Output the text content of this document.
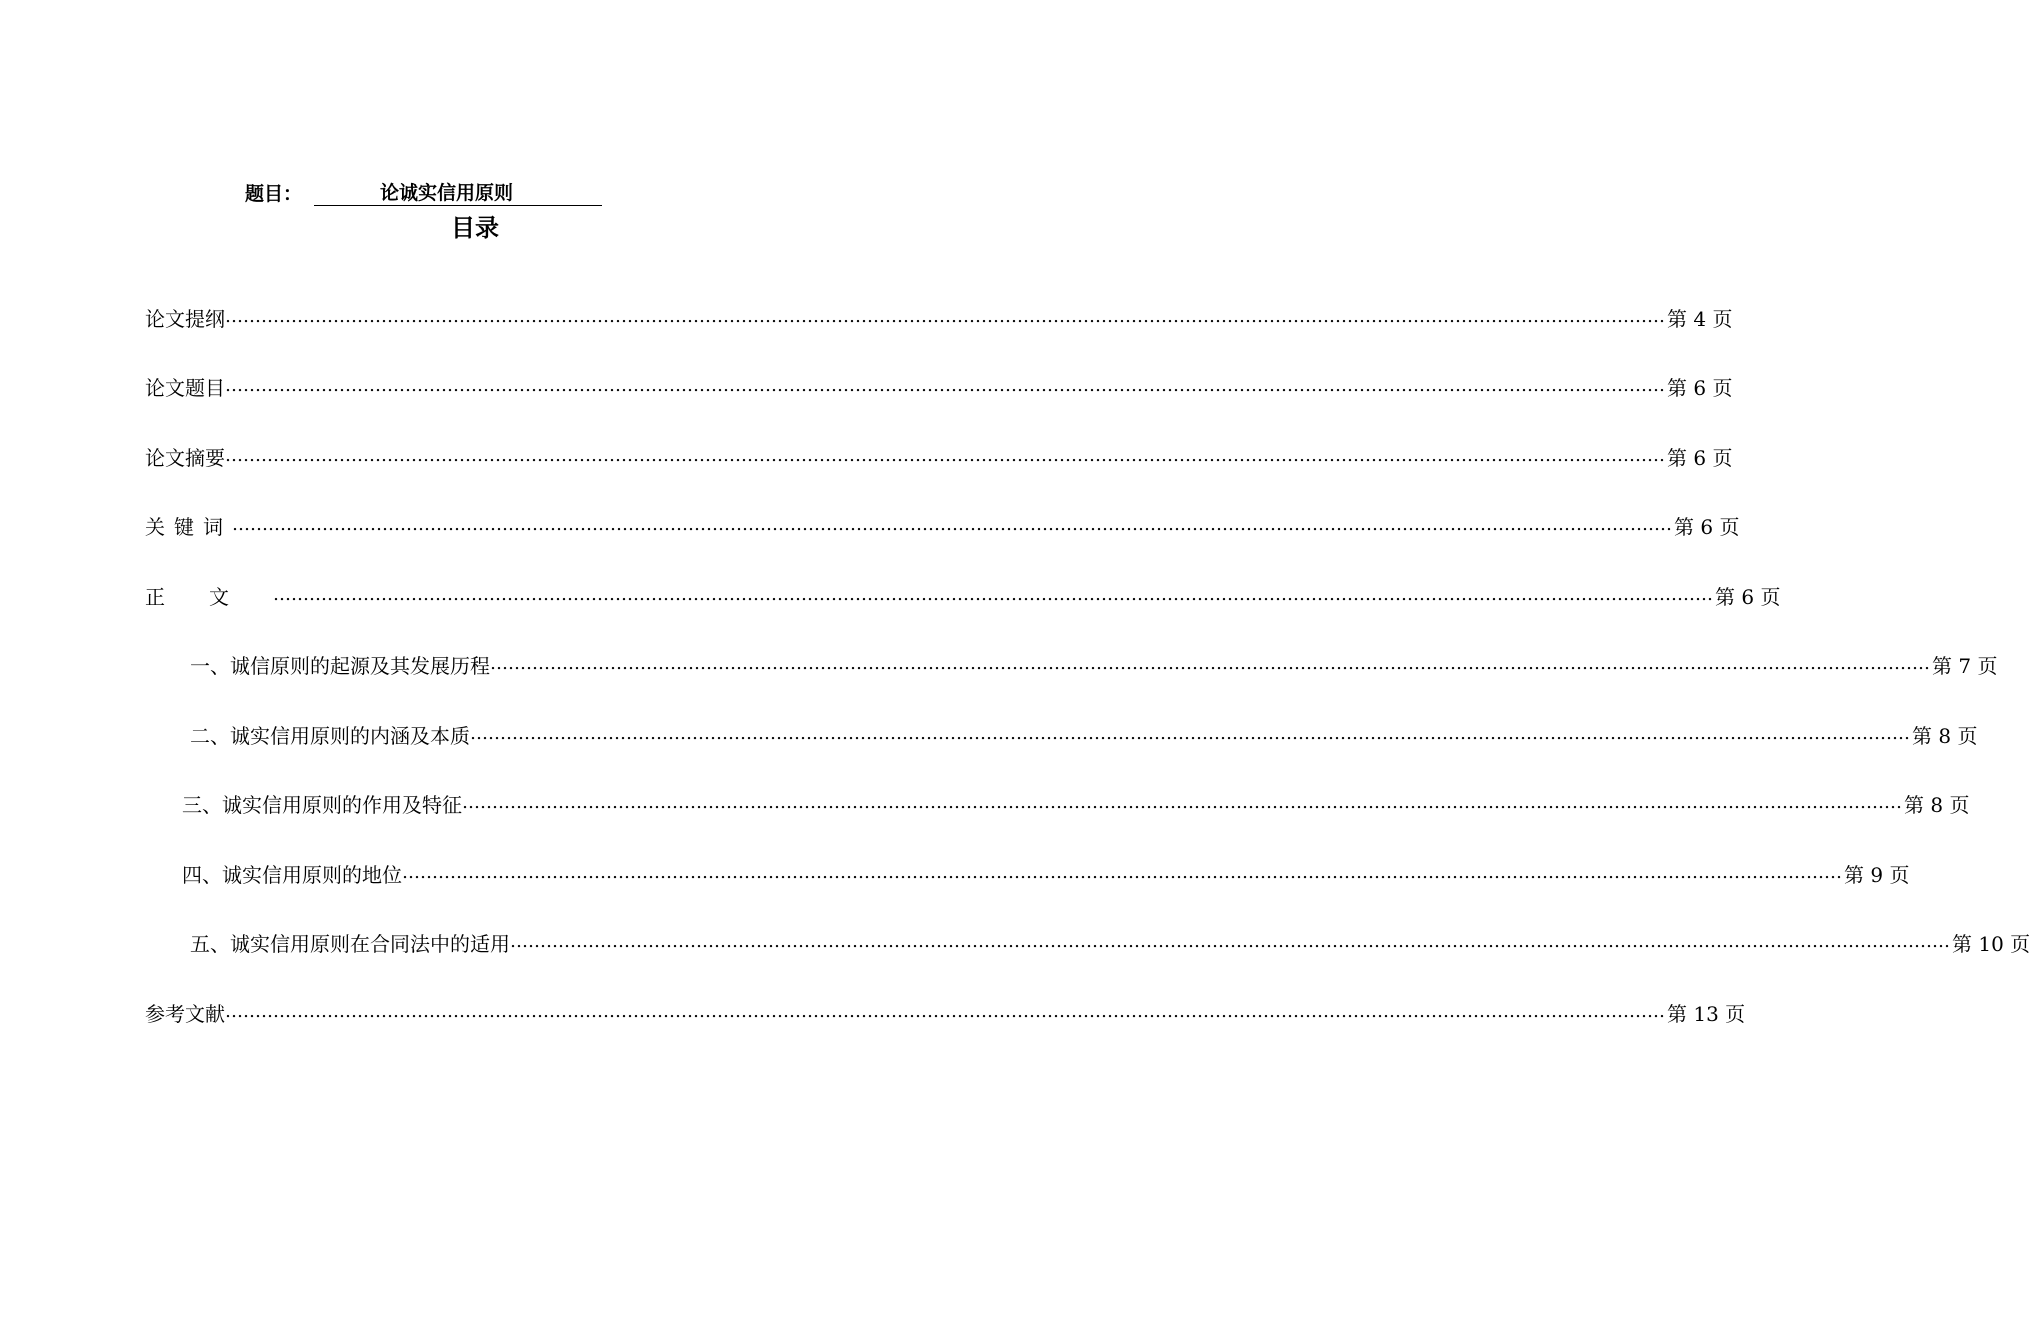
题目：	论诚实信用原则
目录
论文提纲 …………………………………………………………………………………………………………………………………………………………………………………………………………………… 第 4 页
论文题目 …………………………………………………………………………………………………………………………………………………………………………………………………………………… 第 6 页
论文摘要 …………………………………………………………………………………………………………………………………………………………………………………………………………………… 第 6 页
关键词 …………………………………………………………………………………………………………………………………………………………………………………………………………………… 第 6 页
正文 …………………………………………………………………………………………………………………………………………………………………………………………………………………… 第 6 页
一、诚信原则的起源及其发展历程 …………………………………………………………………………………………………………………………………………………………………………………………………………………… 第 7 页
二、诚实信用原则的内涵及本质 …………………………………………………………………………………………………………………………………………………………………………………………………………………… 第 8 页
三、诚实信用原则的作用及特征 …………………………………………………………………………………………………………………………………………………………………………………………………………………… 第 8 页
四、诚实信用原则的地位 …………………………………………………………………………………………………………………………………………………………………………………………………………………… 第 9 页
五、诚实信用原则在合同法中的适用 …………………………………………………………………………………………………………………………………………………………………………………………………………………… 第 10 页
参考文献 …………………………………………………………………………………………………………………………………………………………………………………………………………………… 第 13 页
